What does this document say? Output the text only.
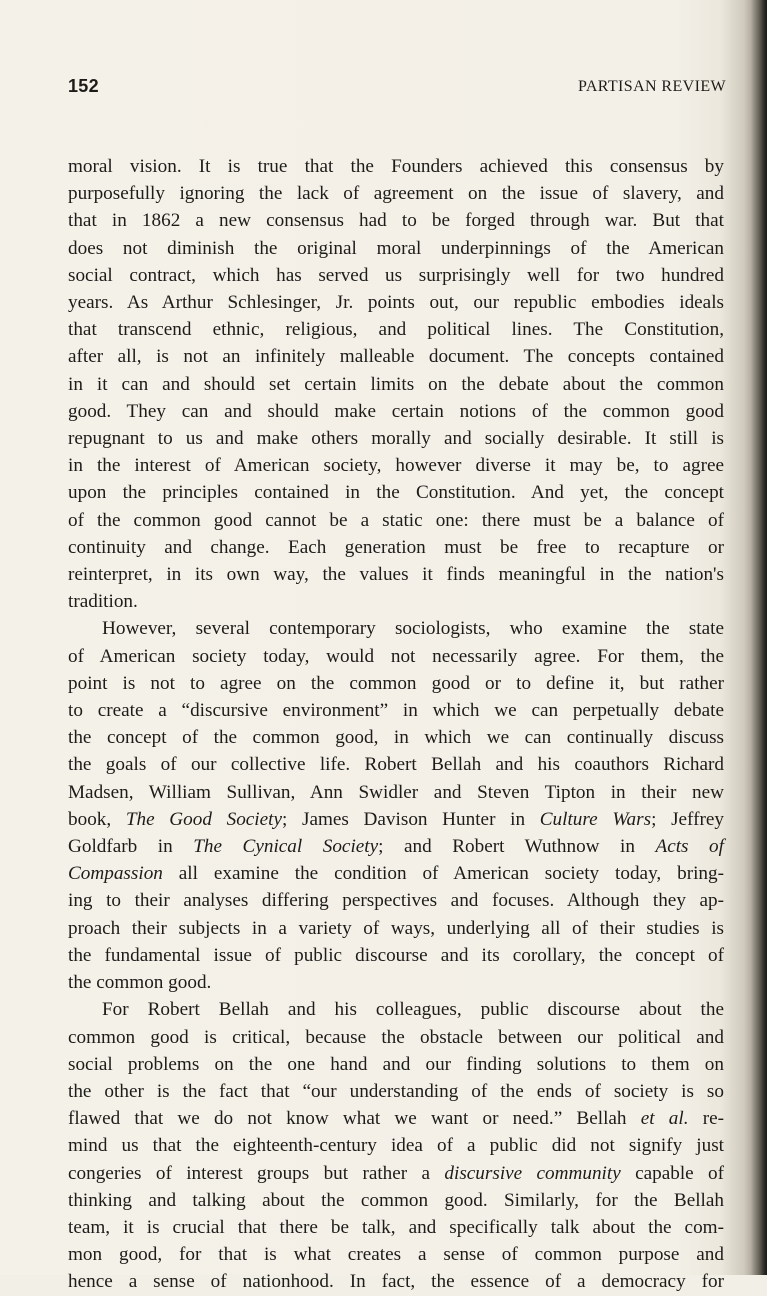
152	PARTISAN REVIEW

moral vision. It is true that the Founders achieved this consensus by
purposefully ignoring the lack of agreement on the issue of slavery, and
that in 1862 a new consensus had to be forged through war. But that
does not diminish the original moral underpinnings of the American
social contract, which has served us surprisingly well for two hundred
years. As Arthur Schlesinger, Jr. points out, our republic embodies ideals
that transcend ethnic, religious, and political lines. The Constitution,
after all, is not an infinitely malleable document. The concepts contained
in it can and should set certain limits on the debate about the common
good. They can and should make certain notions of the common good
repugnant to us and make others morally and socially desirable. It still is
in the interest of American society, however diverse it may be, to agree
upon the principles contained in the Constitution. And yet, the concept
of the common good cannot be a static one: there must be a balance of
continuity and change. Each generation must be free to recapture or
reinterpret, in its own way, the values it finds meaningful in the nation's
tradition.

However, several contemporary sociologists, who examine the state
of American society today, would not necessarily agree. For them, the
point is not to agree on the common good or to define it, but rather
to create a “discursive environment” in which we can perpetually debate
the concept of the common good, in which we can continually discuss
the goals of our collective life. Robert Bellah and his coauthors Richard
Madsen, William Sullivan, Ann Swidler and Steven Tipton in their new
book, The Good Society; James Davison Hunter in Culture Wars; Jeffrey
Goldfarb in The Cynical Society; and Robert Wuthnow in Acts of
Compassion all examine the condition of American society today, bring-
ing to their analyses differing perspectives and focuses. Although they ap-
proach their subjects in a variety of ways, underlying all of their studies is
the fundamental issue of public discourse and its corollary, the concept of
the common good.

For Robert Bellah and his colleagues, public discourse about the
common good is critical, because the obstacle between our political and
social problems on the one hand and our finding solutions to them on
the other is the fact that “our understanding of the ends of society is so
flawed that we do not know what we want or need.” Bellah et al. re-
mind us that the eighteenth-century idea of a public did not signify just
congeries of interest groups but rather a discursive community capable of
thinking and talking about the common good. Similarly, for the Bellah
team, it is crucial that there be talk, and specifically talk about the com-
mon good, for that is what creates a sense of common purpose and
hence a sense of nationhood. In fact, the essence of a democracy for
